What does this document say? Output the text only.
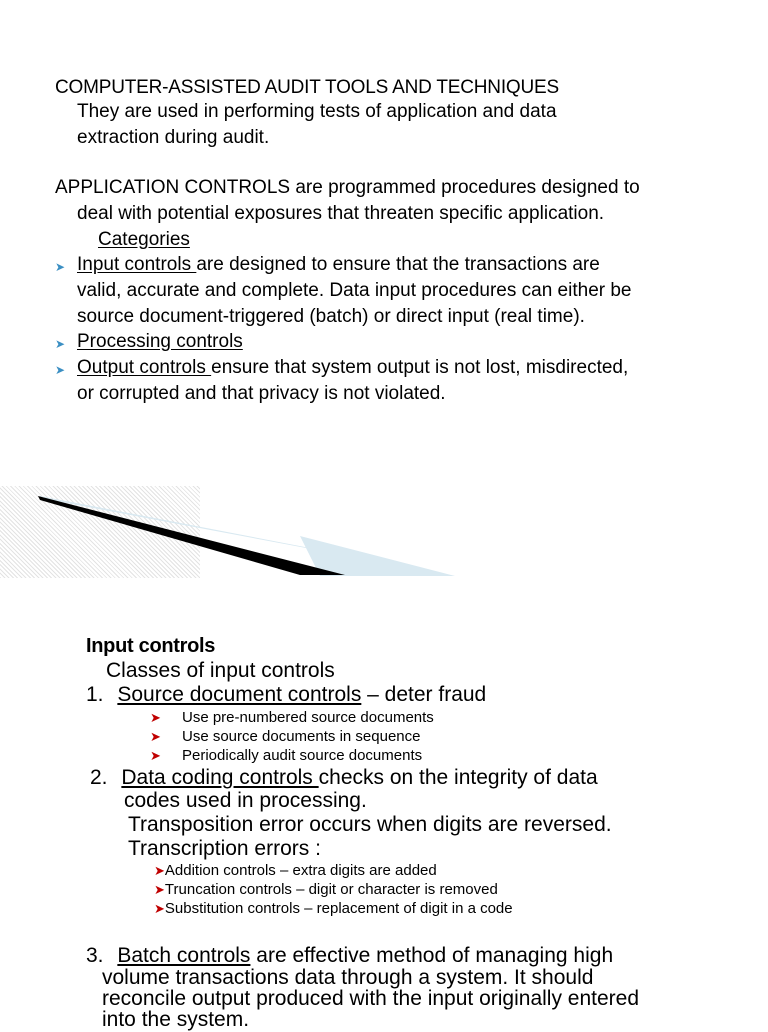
COMPUTER-ASSISTED AUDIT TOOLS AND TECHNIQUES
They are used in performing tests of application and data
extraction during audit.
APPLICATION CONTROLS are programmed procedures designed to
deal with potential exposures that threaten specific application.
Categories
➤ Input controls are designed to ensure that the transactions are
valid, accurate and complete. Data input procedures can either be
source document-triggered (batch) or direct input (real time).
➤ Processing controls
➤ Output controls ensure that system output is not lost, misdirected,
or corrupted and that privacy is not violated.
Input controls
Classes of input controls
1. Source document controls – deter fraud
➤ Use pre-numbered source documents
➤ Use source documents in sequence
➤ Periodically audit source documents
2. Data coding controls checks on the integrity of data
codes used in processing.
Transposition error occurs when digits are reversed.
Transcription errors :
➤Addition controls – extra digits are added
➤Truncation controls – digit or character is removed
➤Substitution controls – replacement of digit in a code
3. Batch controls are effective method of managing high
volume transactions data through a system. It should
reconcile output produced with the input originally entered
into the system.
